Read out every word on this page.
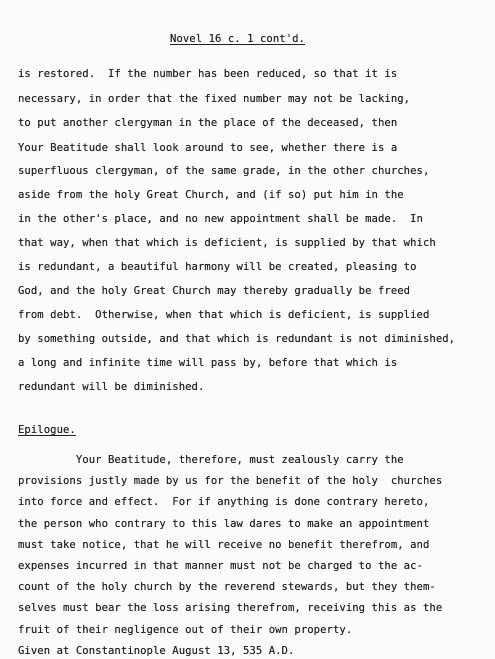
Novel 16 c. 1 cont'd.
is restored.  If the number has been reduced, so that it is
necessary, in order that the fixed number may not be lacking,
to put another clergyman in the place of the deceased, then
Your Beatitude shall look around to see, whether there is a
superfluous clergyman, of the same grade, in the other churches,
aside from the holy Great Church, and (if so) put him in the
in the other's place, and no new appointment shall be made.  In
that way, when that which is deficient, is supplied by that which
is redundant, a beautiful harmony will be created, pleasing to
God, and the holy Great Church may thereby gradually be freed
from debt.  Otherwise, when that which is deficient, is supplied
by something outside, and that which is redundant is not diminished,
a long and infinite time will pass by, before that which is
redundant will be diminished.
Epilogue.
Your Beatitude, therefore, must zealously carry the
provisions justly made by us for the benefit of the holy  churches
into force and effect.  For if anything is done contrary hereto,
the person who contrary to this law dares to make an appointment
must take notice, that he will receive no benefit therefrom, and
expenses incurred in that manner must not be charged to the ac-
count of the holy church by the reverend stewards, but they them-
selves must bear the loss arising therefrom, receiving this as the
fruit of their negligence out of their own property.
Given at Constantinople August 13, 535 A.D.
